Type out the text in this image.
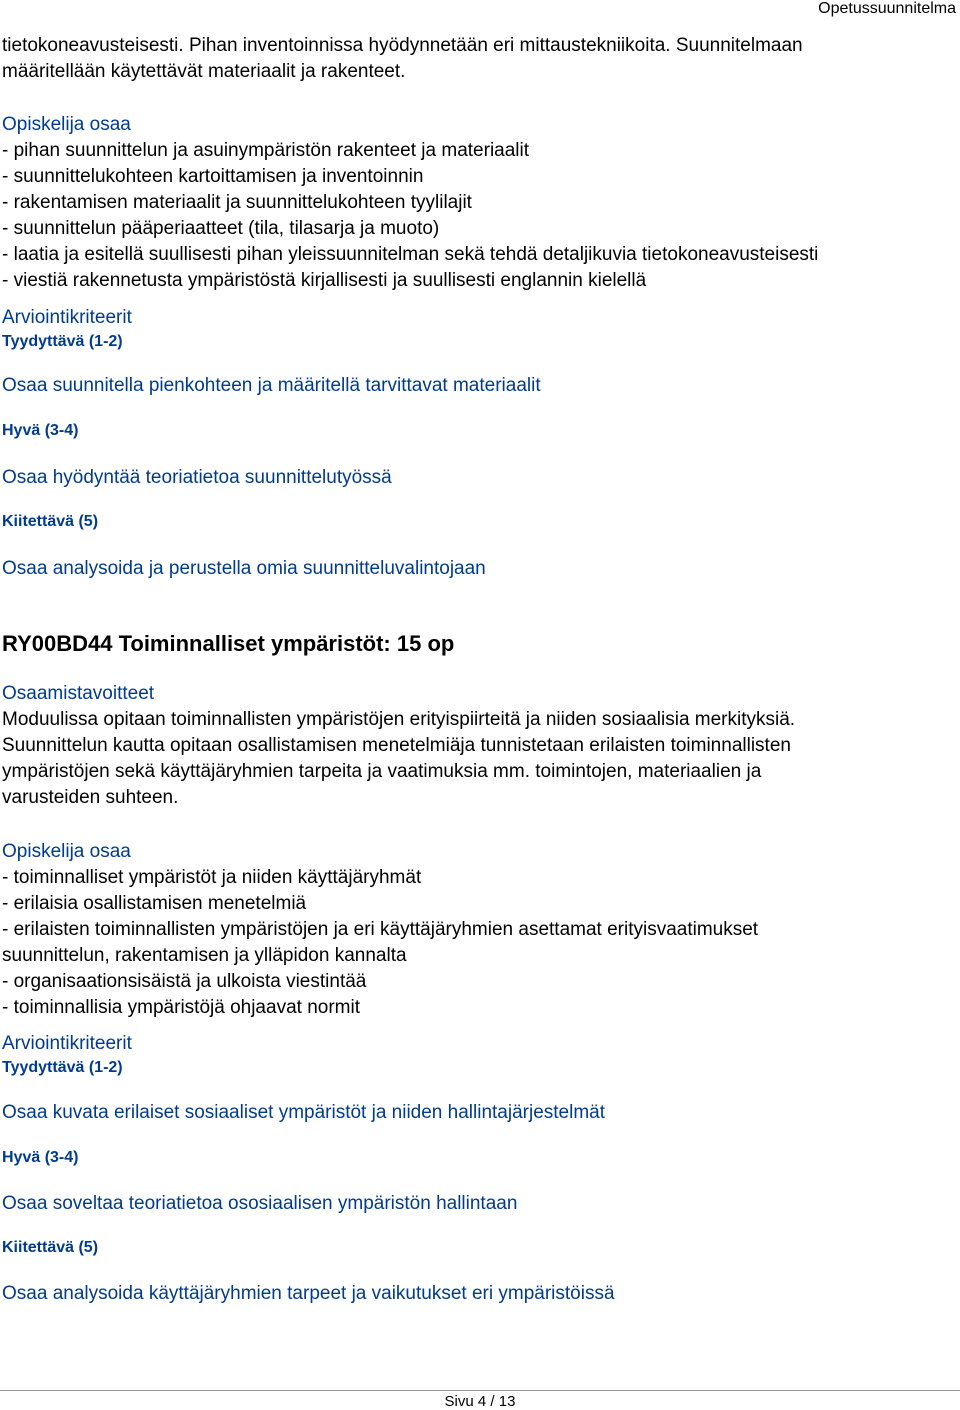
Opetussuunnitelma

tietokoneavusteisesti. Pihan inventoinnissa hyödynnetään eri mittaustekniikoita. Suunnitelmaan
määritellään käytettävät materiaalit ja rakenteet.

Opiskelija osaa

- pihan suunnittelun ja asuinympäristön rakenteet ja materiaalit
- suunnittelukohteen kartoittamisen ja inventoinnin
- rakentamisen materiaalit ja suunnittelukohteen tyylilajit
- suunnittelun pääperiaatteet (tila, tilasarja ja muoto)
- laatia ja esitellä suullisesti pihan yleissuunnitelman sekä tehdä detaljikuvia tietokoneavusteisesti
- viestiä rakennetusta ympäristöstä kirjallisesti ja suullisesti englannin kielellä

Arviointikriteerit

Tyydyttävä (1-2)

Osaa suunnitella pienkohteen ja määritellä tarvittavat materiaalit

Hyvä (3-4)

Osaa hyödyntää teoriatietoa suunnittelutyössä

Kiitettävä (5)

Osaa analysoida ja perustella omia suunnitteluvalintojaan

RY00BD44 Toiminnalliset ympäristöt: 15 op

Osaamistavoitteet

Moduulissa opitaan toiminnallisten ympäristöjen erityispiirteitä ja niiden sosiaalisia merkityksiä.
Suunnittelun kautta opitaan osallistamisen menetelmiäja tunnistetaan erilaisten toiminnallisten
ympäristöjen sekä käyttäjäryhmien tarpeita ja vaatimuksia mm. toimintojen, materiaalien ja
varusteiden suhteen.

Opiskelija osaa

- toiminnalliset ympäristöt ja niiden käyttäjäryhmät
- erilaisia osallistamisen menetelmiä
- erilaisten toiminnallisten ympäristöjen ja eri käyttäjäryhmien asettamat erityisvaatimukset
suunnittelun, rakentamisen ja ylläpidon kannalta
- organisaationsisäistä ja ulkoista viestintää
- toiminnallisia ympäristöjä ohjaavat normit

Arviointikriteerit

Tyydyttävä (1-2)

Osaa kuvata erilaiset sosiaaliset ympäristöt ja niiden hallintajärjestelmät

Hyvä (3-4)

Osaa soveltaa teoriatietoa ososiaalisen ympäristön hallintaan

Kiitettävä (5)

Osaa analysoida käyttäjäryhmien tarpeet ja vaikutukset eri ympäristöissä

Sivu 4 / 13
